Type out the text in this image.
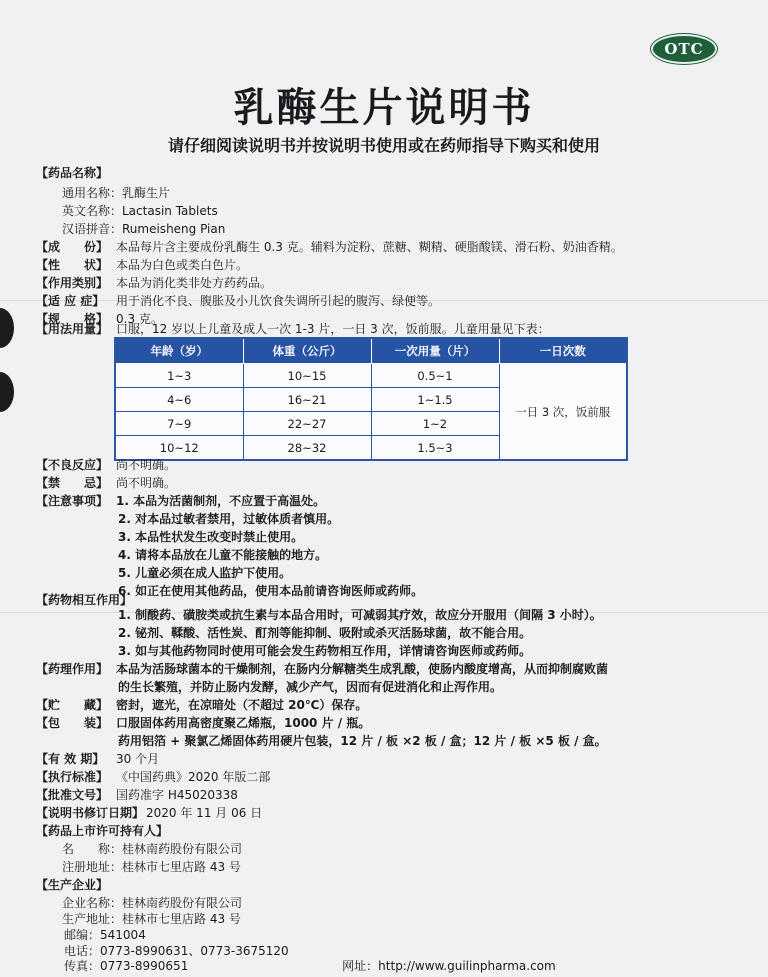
OTC
乳酶生片说明书
请仔细阅读说明书并按说明书使用或在药师指导下购买和使用
【药品名称】
通用名称：乳酶生片
英文名称：Lactasin Tablets
汉语拼音：Rumeisheng Pian
【成　　份】 本品每片含主要成份乳酶生 0.3 克。辅料为淀粉、蔗糖、糊精、硬脂酸镁、滑石粉、奶油香精。
【性　　状】 本品为白色或类白色片。
【作用类别】 本品为消化类非处方药药品。
【适 应 症】 用于消化不良、腹胀及小儿饮食失调所引起的腹泻、绿便等。
【规　　格】 0.3 克。
【用法用量】 口服，12 岁以上儿童及成人一次 1-3 片，一日 3 次，饭前服。儿童用量见下表：
年龄（岁）	体重（公斤）	一次用量（片）	一日次数
1~3	10~15	0.5~1	一日 3 次，饭前服
4~6	16~21	1~1.5	
7~9	22~27	1~2	
10~12	28~32	1.5~3	
【不良反应】 尚不明确。
【禁　　忌】 尚不明确。
【注意事项】 1. 本品为活菌制剂，不应置于高温处。
2. 对本品过敏者禁用，过敏体质者慎用。
3. 本品性状发生改变时禁止使用。
4. 请将本品放在儿童不能接触的地方。
5. 儿童必须在成人监护下使用。
6. 如正在使用其他药品，使用本品前请咨询医师或药师。
【药物相互作用】
1. 制酸药、磺胺类或抗生素与本品合用时，可减弱其疗效，故应分开服用（间隔 3 小时）。
2. 铋剂、鞣酸、活性炭、酊剂等能抑制、吸附或杀灭活肠球菌，故不能合用。
3. 如与其他药物同时使用可能会发生药物相互作用，详情请咨询医师或药师。
【药理作用】 本品为活肠球菌本的干燥制剂，在肠内分解糖类生成乳酸，使肠内酸度增高，从而抑制腐败菌
的生长繁殖，并防止肠内发酵，减少产气，因而有促进消化和止泻作用。
【贮　　藏】 密封，遮光，在凉暗处（不超过 20℃）保存。
【包　　装】 口服固体药用高密度聚乙烯瓶，1000 片 / 瓶。
药用铝箔 + 聚氯乙烯固体药用硬片包装，12 片 / 板 ×2 板 / 盒；12 片 / 板 ×5 板 / 盒。
【有 效 期】 30 个月
【执行标准】 《中国药典》2020 年版二部
【批准文号】 国药准字 H45020338
【说明书修订日期】 2020 年 11 月 06 日
【药品上市许可持有人】
名　　称：桂林南药股份有限公司
注册地址：桂林市七里店路 43 号
【生产企业】
企业名称：桂林南药股份有限公司
生产地址：桂林市七里店路 43 号
邮编：541004
电话：0773-8990631、0773-3675120
传真：0773-8990651	网址：http://www.guilinpharma.com
